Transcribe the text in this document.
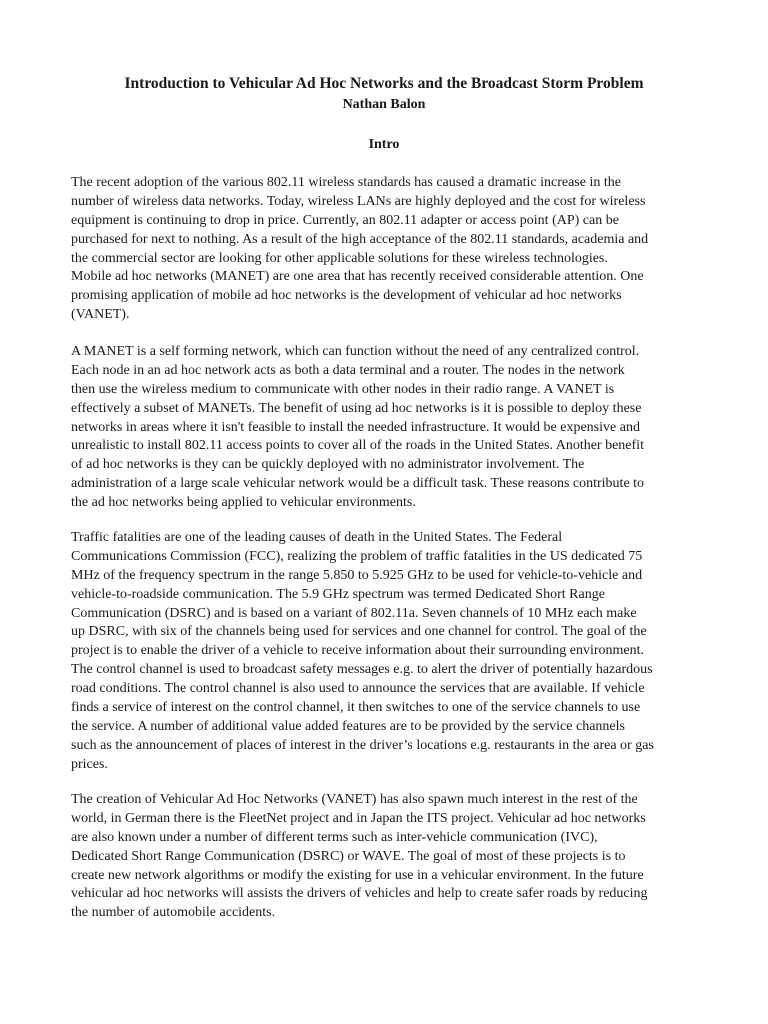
Introduction to Vehicular Ad Hoc Networks and the Broadcast Storm Problem
Nathan Balon
Intro
The recent adoption of the various 802.11 wireless standards has caused a dramatic increase in the
number of wireless data networks. Today, wireless LANs are highly deployed and the cost for wireless
equipment is continuing to drop in price. Currently, an 802.11 adapter or access point (AP) can be
purchased for next to nothing. As a result of the high acceptance of the 802.11 standards, academia and
the commercial sector are looking for other applicable solutions for these wireless technologies.
Mobile ad hoc networks (MANET) are one area that has recently received considerable attention. One
promising application of mobile ad hoc networks is the development of vehicular ad hoc networks
(VANET).
A MANET is a self forming network, which can function without the need of any centralized control.
Each node in an ad hoc network acts as both a data terminal and a router. The nodes in the network
then use the wireless medium to communicate with other nodes in their radio range. A VANET is
effectively a subset of MANETs. The benefit of using ad hoc networks is it is possible to deploy these
networks in areas where it isn't feasible to install the needed infrastructure. It would be expensive and
unrealistic to install 802.11 access points to cover all of the roads in the United States. Another benefit
of ad hoc networks is they can be quickly deployed with no administrator involvement. The
administration of a large scale vehicular network would be a difficult task. These reasons contribute to
the ad hoc networks being applied to vehicular environments.
Traffic fatalities are one of the leading causes of death in the United States. The Federal
Communications Commission (FCC), realizing the problem of traffic fatalities in the US dedicated 75
MHz of the frequency spectrum in the range 5.850 to 5.925 GHz to be used for vehicle-to-vehicle and
vehicle-to-roadside communication. The 5.9 GHz spectrum was termed Dedicated Short Range
Communication (DSRC) and is based on a variant of 802.11a. Seven channels of 10 MHz each make
up DSRC, with six of the channels being used for services and one channel for control. The goal of the
project is to enable the driver of a vehicle to receive information about their surrounding environment.
The control channel is used to broadcast safety messages e.g. to alert the driver of potentially hazardous
road conditions. The control channel is also used to announce the services that are available. If vehicle
finds a service of interest on the control channel, it then switches to one of the service channels to use
the service. A number of additional value added features are to be provided by the service channels
such as the announcement of places of interest in the driver’s locations e.g. restaurants in the area or gas
prices.
The creation of Vehicular Ad Hoc Networks (VANET) has also spawn much interest in the rest of the
world, in German there is the FleetNet project and in Japan the ITS project. Vehicular ad hoc networks
are also known under a number of different terms such as inter-vehicle communication (IVC),
Dedicated Short Range Communication (DSRC) or WAVE. The goal of most of these projects is to
create new network algorithms or modify the existing for use in a vehicular environment. In the future
vehicular ad hoc networks will assists the drivers of vehicles and help to create safer roads by reducing
the number of automobile accidents.
